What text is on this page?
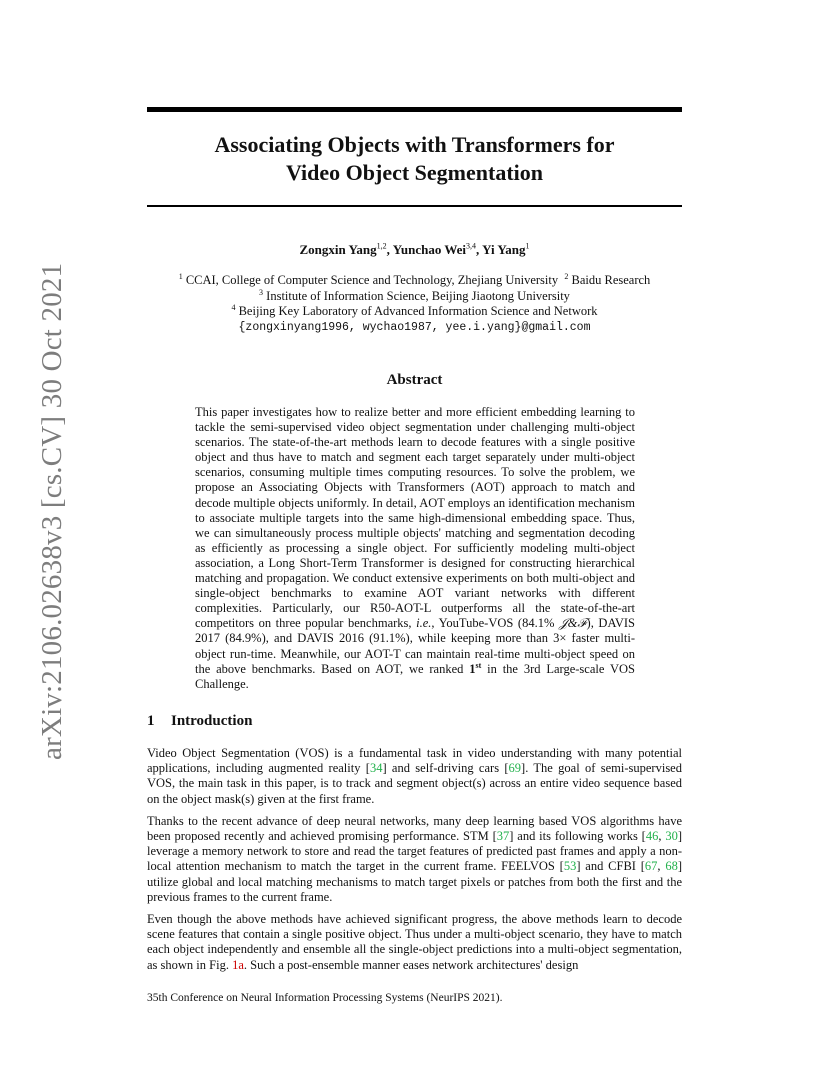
arXiv:2106.02638v3 [cs.CV] 30 Oct 2021
Associating Objects with Transformers for
Video Object Segmentation
Zongxin Yang$^{1,2}$, Yunchao Wei$^{3,4}$, Yi Yang$^1$
$^1$ CCAI, College of Computer Science and Technology, Zhejiang University $^2$ Baidu Research
$^3$ Institute of Information Science, Beijing Jiaotong University
$^4$ Beijing Key Laboratory of Advanced Information Science and Network
{zongxinyang1996, wychao1987, yee.i.yang}@gmail.com
Abstract
This paper investigates how to realize better and more efficient embedding learning to tackle the semi-supervised video object segmentation under challenging multi-object scenarios. The state-of-the-art methods learn to decode features with a single positive object and thus have to match and segment each target separately under multi-object scenarios, consuming multiple times computing resources. To solve the problem, we propose an Associating Objects with Transformers (AOT) approach to match and decode multiple objects uniformly. In detail, AOT employs an identification mechanism to associate multiple targets into the same high-dimensional embedding space. Thus, we can simultaneously process multiple objects' matching and segmentation decoding as efficiently as processing a single object. For sufficiently modeling multi-object association, a Long Short-Term Transformer is designed for constructing hierarchical matching and propagation. We conduct extensive experiments on both multi-object and single-object benchmarks to examine AOT variant networks with different complexities. Particularly, our R50-AOT-L outperforms all the state-of-the-art competitors on three popular benchmarks, i.e., YouTube-VOS (84.1% 𝒥&ℱ), DAVIS 2017 (84.9%), and DAVIS 2016 (91.1%), while keeping more than 3× faster multi-object run-time. Meanwhile, our AOT-T can maintain real-time multi-object speed on the above benchmarks. Based on AOT, we ranked 1st in the 3rd Large-scale VOS Challenge.
1 Introduction

Video Object Segmentation (VOS) is a fundamental task in video understanding with many potential applications, including augmented reality [34] and self-driving cars [69]. The goal of semi-supervised VOS, the main task in this paper, is to track and segment object(s) across an entire video sequence based on the object mask(s) given at the first frame.

Thanks to the recent advance of deep neural networks, many deep learning based VOS algorithms have been proposed recently and achieved promising performance. STM [37] and its following works [46, 30] leverage a memory network to store and read the target features of predicted past frames and apply a non-local attention mechanism to match the target in the current frame. FEELVOS [53] and CFBI [67, 68] utilize global and local matching mechanisms to match target pixels or patches from both the first and the previous frames to the current frame.

Even though the above methods have achieved significant progress, the above methods learn to decode scene features that contain a single positive object. Thus under a multi-object scenario, they have to match each object independently and ensemble all the single-object predictions into a multi-object segmentation, as shown in Fig. 1a. Such a post-ensemble manner eases network architectures' design

35th Conference on Neural Information Processing Systems (NeurIPS 2021).
